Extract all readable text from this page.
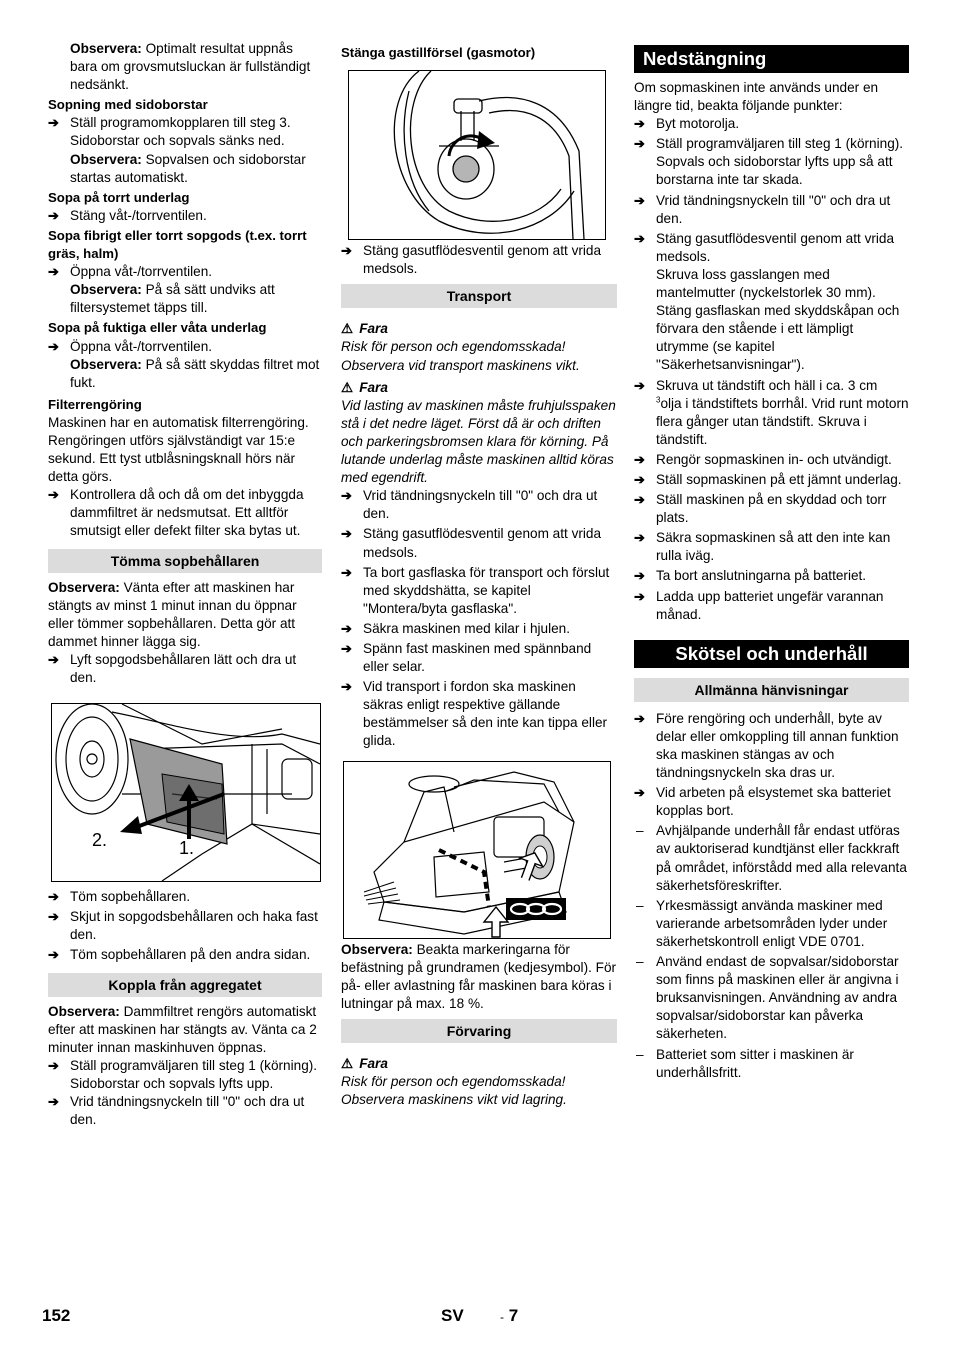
Observera: Optimalt resultat uppnås bara om grovsmutsluckan är fullständigt nedsänkt.

Sopning med sidoborstar

➔ Ställ programomkopplaren till steg 3. Sidoborstar och sopvals sänks ned.

Observera: Sopvalsen och sidoborstar startas automatiskt.

Sopa på torrt underlag

➔ Stäng våt-/torrventilen.

Sopa fibrigt eller torrt sopgods (t.ex. torrt gräs, halm)

➔ Öppna våt-/torrventilen.

Observera: På så sätt undviks att filtersystemet täpps till.

Sopa på fuktiga eller våta underlag

➔ Öppna våt-/torrventilen.

Observera: På så sätt skyddas filtret mot fukt.

Filterrengöring

Maskinen har en automatisk filterrengöring. Rengöringen utförs självständigt var 15:e sekund. Ett tyst utblåsningsknall hörs när detta görs.

➔ Kontrollera då och då om det inbyggda dammfiltret är nedsmutsat. Ett alltför smutsigt eller defekt filter ska bytas ut.

Tömma sopbehållaren

Observera: Vänta efter att maskinen har stängts av minst 1 minut innan du öppnar eller tömmer sopbehållaren. Detta gör att dammet hinner lägga sig.

➔ Lyft sopgodsbehållaren lätt och dra ut den.

2.	1.

➔ Töm sopbehållaren.

➔ Skjut in sopgodsbehållaren och haka fast den.

➔ Töm sopbehållaren på den andra sidan.

Koppla från aggregatet

Observera: Dammfiltret rengörs automatiskt efter att maskinen har stängts av. Vänta ca 2 minuter innan maskinhuven öppnas.

➔ Ställ programväljaren till steg 1 (körning). Sidoborstar och sopvals lyfts upp.

➔ Vrid tändningsnyckeln till "0" och dra ut den.

Stänga gastillförsel (gasmotor)

➔ Stäng gasutflödesventil genom att vrida medsols.

Transport

⚠ Fara

Risk för person och egendomsskada! Observera vid transport maskinens vikt.

⚠ Fara

Vid lasting av maskinen måste fruhjulsspaken stå i det nedre läget. Först då är och driften och parkeringsbromsen klara för körning. På lutande underlag måste maskinen alltid köras med egendrift.

➔ Vrid tändningsnyckeln till "0" och dra ut den.

➔ Stäng gasutflödesventil genom att vrida medsols.

➔ Ta bort gasflaska för transport och förslut med skyddshätta, se kapitel "Montera/byta gasflaska".

➔ Säkra maskinen med kilar i hjulen.

➔ Spänn fast maskinen med spännband eller selar.

➔ Vid transport i fordon ska maskinen säkras enligt respektive gällande bestämmelser så den inte kan tippa eller glida.

Observera: Beakta markeringarna för befästning på grundramen (kedjesymbol). För på- eller avlastning får maskinen bara köras i lutningar på max. 18 %.

Förvaring

⚠ Fara

Risk för person och egendomsskada! Observera maskinens vikt vid lagring.

Nedstängning

Om sopmaskinen inte används under en längre tid, beakta följande punkter:

➔ Byt motorolja.

➔ Ställ programväljaren till steg 1 (körning). Sopvals och sidoborstar lyfts upp så att borstarna inte tar skada.

➔ Vrid tändningsnyckeln till "0" och dra ut den.

➔ Stäng gasutflödesventil genom att vrida medsols.

Skruva loss gasslangen med mantelmutter (nyckelstorlek 30 mm).

Stäng gasflaskan med skyddskåpan och förvara den stående i ett lämpligt utrymme (se kapitel "Säkerhetsanvisningar").

➔ Skruva ut tändstift och häll i ca. 3 cm
$^3$olja i tändstiftets borrhål. Vrid runt motorn flera gånger utan tändstift. Skruva i tändstift.

➔ Rengör sopmaskinen in- och utvändigt.

➔ Ställ sopmaskinen på ett jämnt underlag.

➔ Ställ maskinen på en skyddad och torr plats.

➔ Säkra sopmaskinen så att den inte kan rulla iväg.

➔ Ta bort anslutningarna på batteriet.

➔ Ladda upp batteriet ungefär varannan månad.

Skötsel och underhåll

Allmänna hänvisningar

➔ Före rengöring och underhåll, byte av delar eller omkoppling till annan funktion ska maskinen stängas av och tändningsnyckeln ska dras ur.

➔ Vid arbeten på elsystemet ska batteriet kopplas bort.

– Avhjälpande underhåll får endast utföras av auktoriserad kundtjänst eller fackkraft på området, införstådd med alla relevanta säkerhetsföreskrifter.

– Yrkesmässigt använda maskiner med varierande arbetsområden lyder under säkerhetskontroll enligt VDE 0701.

– Använd endast de sopvalsar/sidoborstar som finns på maskinen eller är angivna i bruksanvisningen. Användning av andra sopvalsar/sidoborstar kan påverka säkerheten.

– Batteriet som sitter i maskinen är underhållsfritt.

152	SV	- 7
